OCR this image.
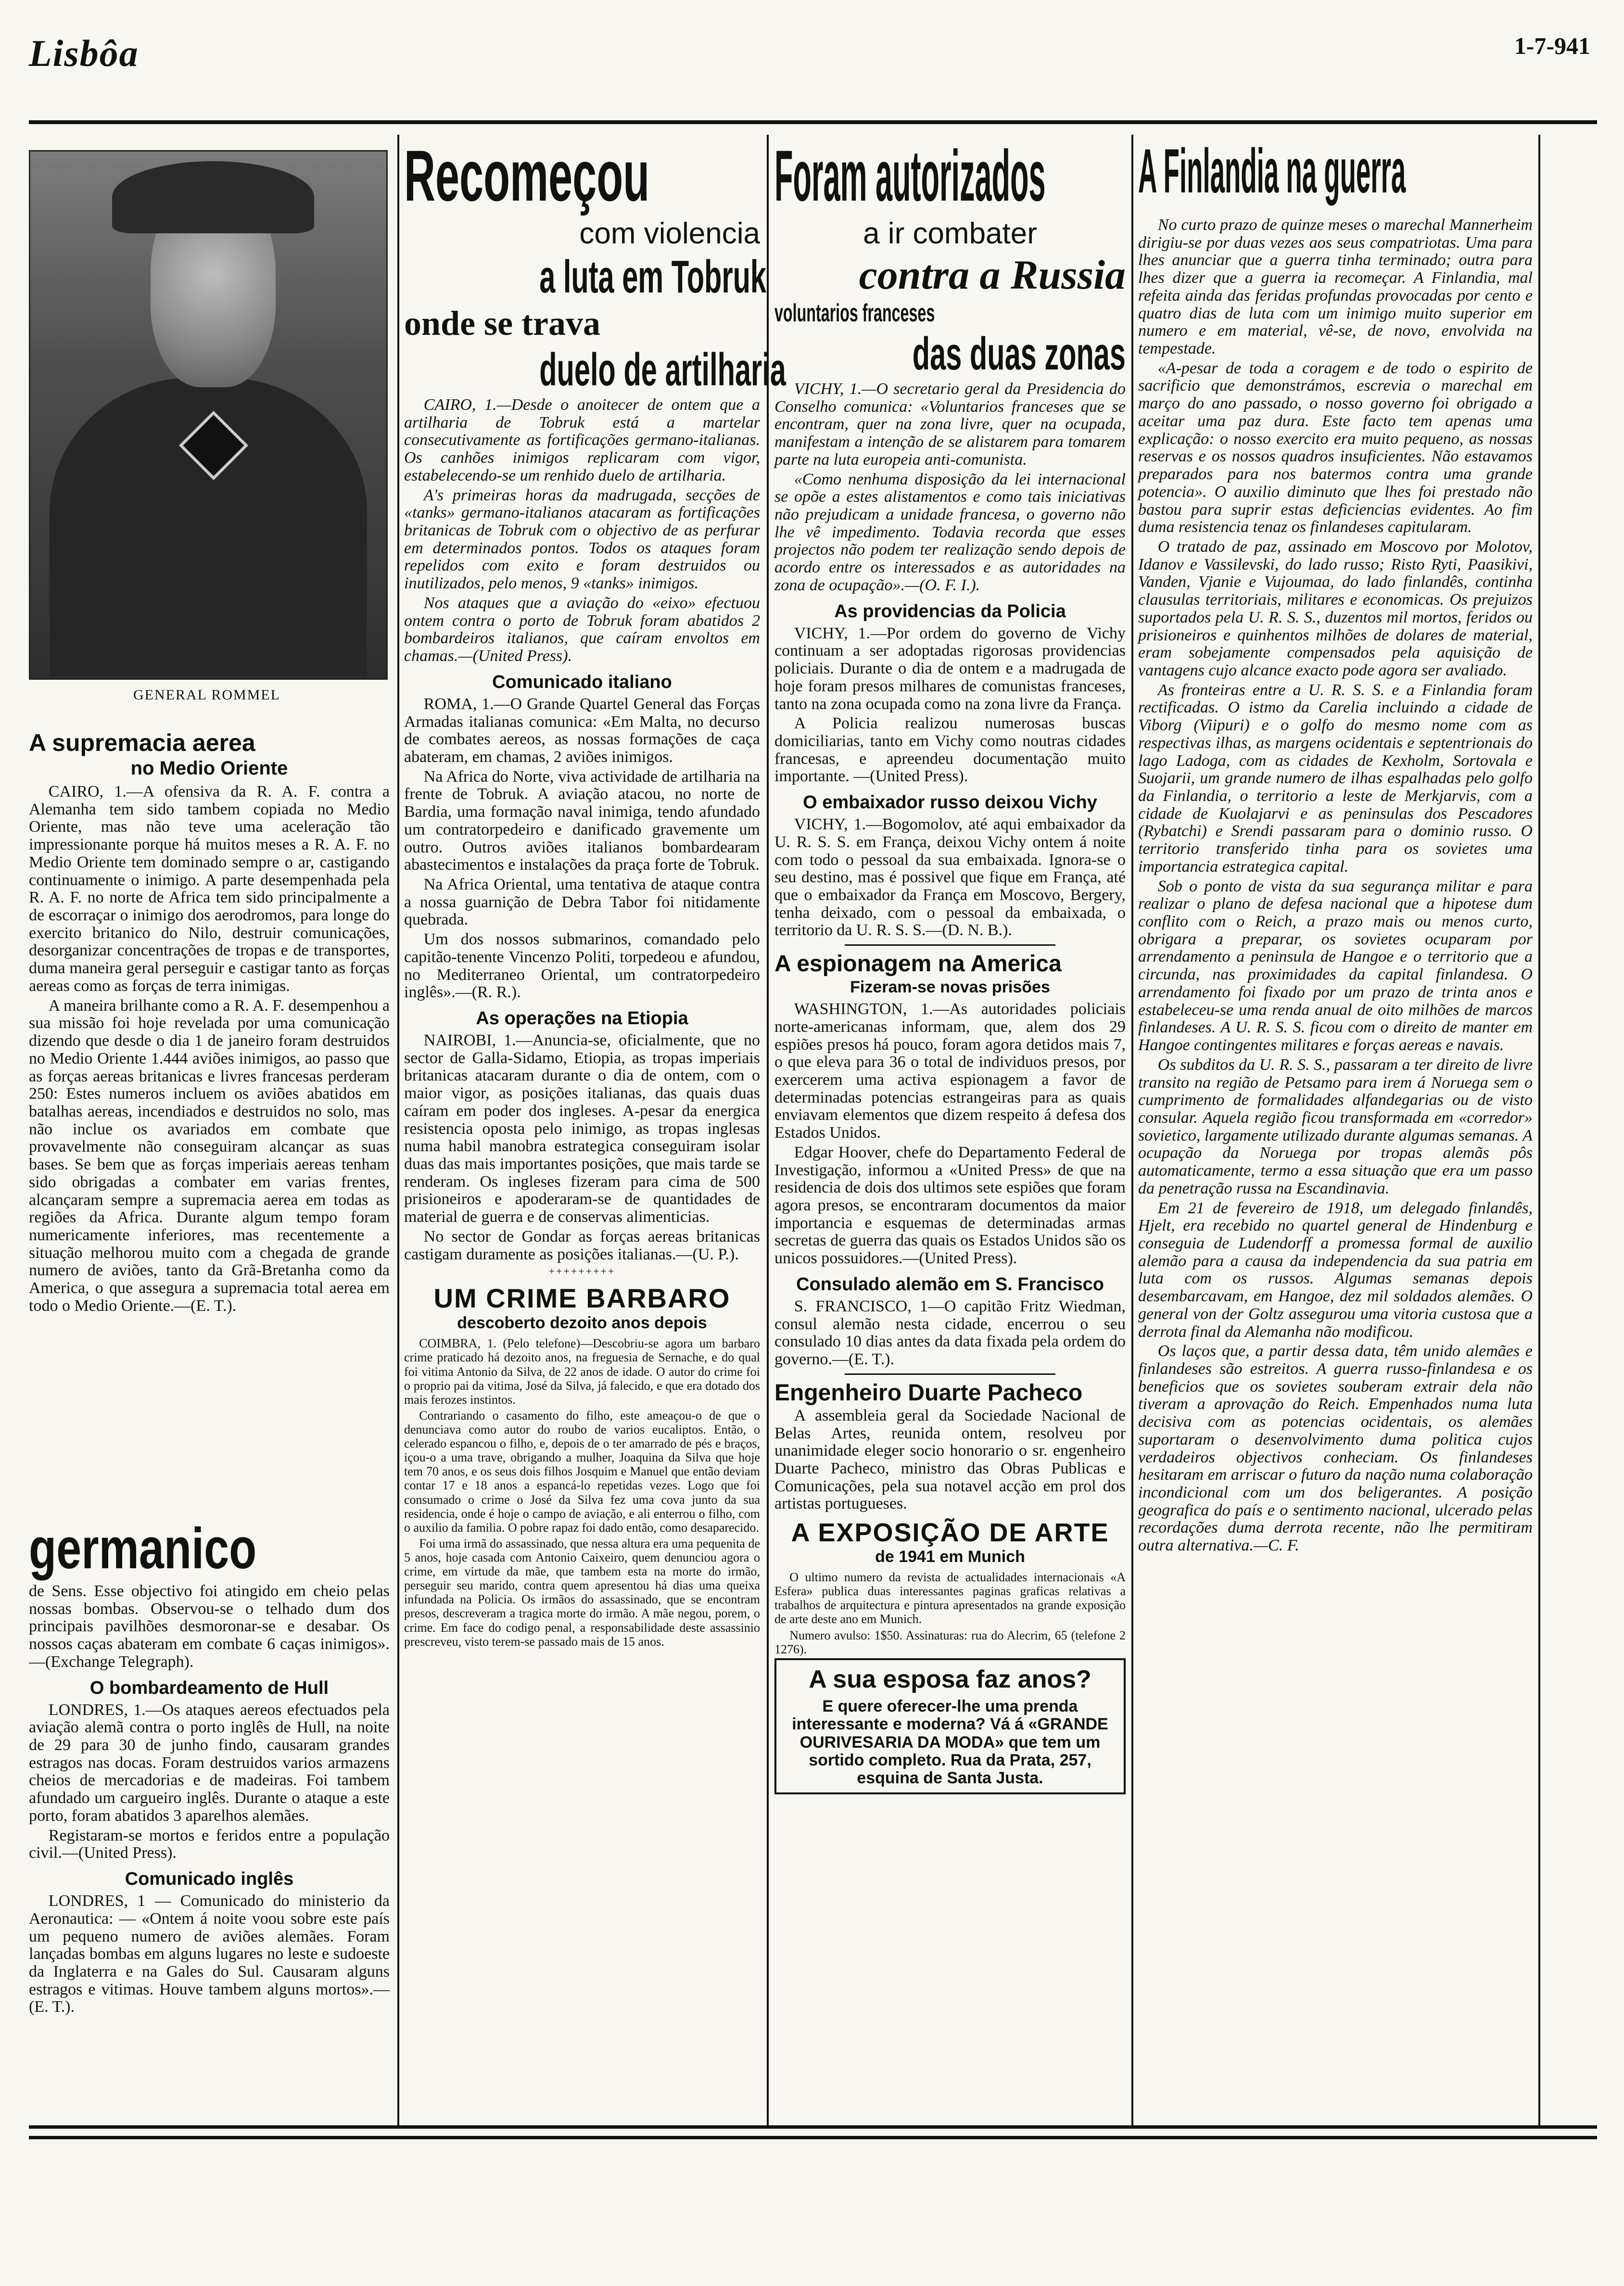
Lisbôa	1-7-941
GENERAL ROMMEL
A supremacia aerea
no Medio Oriente

CAIRO, 1.—A ofensiva da R. A. F. contra a Alemanha tem sido tambem copiada no Medio Oriente, mas não teve uma aceleração tão impressionante porque há muitos meses a R. A. F. no Medio Oriente tem dominado sempre o ar, castigando continuamente o inimigo. A parte desempenhada pela R. A. F. no norte de Africa tem sido principalmente a de escorraçar o inimigo dos aerodromos, para longe do exercito britanico do Nilo, destruir comunicações, desorganizar concentrações de tropas e de transportes, duma maneira geral perseguir e castigar tanto as forças aereas como as forças de terra inimigas.

A maneira brilhante como a R. A. F. desempenhou a sua missão foi hoje revelada por uma comunicação dizendo que desde o dia 1 de janeiro foram destruidos no Medio Oriente 1.444 aviões inimigos, ao passo que as forças aereas britanicas e livres francesas perderam 250: Estes numeros incluem os aviões abatidos em batalhas aereas, incendiados e destruidos no solo, mas não inclue os avariados em combate que provavelmente não conseguiram alcançar as suas bases. Se bem que as forças imperiais aereas tenham sido obrigadas a combater em varias frentes, alcançaram sempre a supremacia aerea em todas as regiões da Africa. Durante algum tempo foram numericamente inferiores, mas recentemente a situação melhorou muito com a chegada de grande numero de aviões, tanto da Grã-Bretanha como da America, o que assegura a supremacia total aerea em todo o Medio Oriente.—(E. T.).

germanico

de Sens. Esse objectivo foi atingido em cheio pelas nossas bombas. Observou-se o telhado dum dos principais pavilhões desmoronar-se e desabar. Os nossos caças abateram em combate 6 caças inimigos».—(Exchange Telegraph).

O bombardeamento de Hull

LONDRES, 1.—Os ataques aereos efectuados pela aviação alemã contra o porto inglês de Hull, na noite de 29 para 30 de junho findo, causaram grandes estragos nas docas. Foram destruidos varios armazens cheios de mercadorias e de madeiras. Foi tambem afundado um cargueiro inglês. Durante o ataque a este porto, foram abatidos 3 aparelhos alemães.

Registaram-se mortos e feridos entre a população civil.—(United Press).

Comunicado inglês

LONDRES, 1 — Comunicado do ministerio da Aeronautica: — «Ontem á noite voou sobre este país um pequeno numero de aviões alemães. Foram lançadas bombas em alguns lugares no leste e sudoeste da Inglaterra e na Gales do Sul. Causaram alguns estragos e vitimas. Houve tambem alguns mortos».—(E. T.).

Recomeçou
com violencia
a luta em Tobruk
onde se trava
duelo de artilharia

CAIRO, 1.—Desde o anoitecer de ontem que a artilharia de Tobruk está a martelar consecutivamente as fortificações germano-italianas. Os canhões inimigos replicaram com vigor, estabelecendo-se um renhido duelo de artilharia.

A's primeiras horas da madrugada, secções de «tanks» germano-italianos atacaram as fortificações britanicas de Tobruk com o objectivo de as perfurar em determinados pontos. Todos os ataques foram repelidos com exito e foram destruidos ou inutilizados, pelo menos, 9 «tanks» inimigos.

Nos ataques que a aviação do «eixo» efectuou ontem contra o porto de Tobruk foram abatidos 2 bombardeiros italianos, que caíram envoltos em chamas.—(United Press).

Comunicado italiano

ROMA, 1.—O Grande Quartel General das Forças Armadas italianas comunica: «Em Malta, no decurso de combates aereos, as nossas formações de caça abateram, em chamas, 2 aviões inimigos.

Na Africa do Norte, viva actividade de artilharia na frente de Tobruk. A aviação atacou, no norte de Bardia, uma formação naval inimiga, tendo afundado um contratorpedeiro e danificado gravemente um outro. Outros aviões italianos bombardearam abastecimentos e instalações da praça forte de Tobruk.

Na Africa Oriental, uma tentativa de ataque contra a nossa guarnição de Debra Tabor foi nitidamente quebrada.

Um dos nossos submarinos, comandado pelo capitão-tenente Vincenzo Politi, torpedeou e afundou, no Mediterraneo Oriental, um contratorpedeiro inglês».—(R. R.).

As operações na Etiopia

NAIROBI, 1.—Anuncia-se, oficialmente, que no sector de Galla-Sidamo, Etiopia, as tropas imperiais britanicas atacaram durante o dia de ontem, com o maior vigor, as posições italianas, das quais duas caíram em poder dos ingleses. A-pesar da energica resistencia oposta pelo inimigo, as tropas inglesas numa habil manobra estrategica conseguiram isolar duas das mais importantes posições, que mais tarde se renderam. Os ingleses fizeram para cima de 500 prisioneiros e apoderaram-se de quantidades de material de guerra e de conservas alimenticias.

No sector de Gondar as forças aereas britanicas castigam duramente as posições italianas.—(U. P.).

+++++++++
UM CRIME BARBARO
descoberto dezoito anos depois

COIMBRA, 1. (Pelo telefone)—Descobriu-se agora um barbaro crime praticado há dezoito anos, na freguesia de Sernache, e do qual foi vitima Antonio da Silva, de 22 anos de idade. O autor do crime foi o proprio pai da vitima, José da Silva, já falecido, e que era dotado dos mais ferozes instintos.

Contrariando o casamento do filho, este ameaçou-o de que o denunciava como autor do roubo de varios eucaliptos. Então, o celerado espancou o filho, e, depois de o ter amarrado de pés e braços, içou-o a uma trave, obrigando a mulher, Joaquina da Silva que hoje tem 70 anos, e os seus dois filhos Josquim e Manuel que então deviam contar 17 e 18 anos a espancá-lo repetidas vezes. Logo que foi consumado o crime o José da Silva fez uma cova junto da sua residencia, onde é hoje o campo de aviação, e ali enterrou o filho, com o auxilio da familia. O pobre rapaz foi dado então, como desaparecido.

Foi uma irmã do assassinado, que nessa altura era uma pequenita de 5 anos, hoje casada com Antonio Caixeiro, quem denunciou agora o crime, em virtude da mãe, que tambem esta na morte do irmão, perseguir seu marido, contra quem apresentou há dias uma queixa infundada na Policia. Os irmãos do assassinado, que se encontram presos, descreveram a tragica morte do irmão. A mãe negou, porem, o crime. Em face do codigo penal, a responsabilidade deste assassinio prescreveu, visto terem-se passado mais de 15 anos.

Foram autorizados
a ir combater
contra a Russia
voluntarios franceses
das duas zonas

VICHY, 1.—O secretario geral da Presidencia do Conselho comunica: «Voluntarios franceses que se encontram, quer na zona livre, quer na ocupada, manifestam a intenção de se alistarem para tomarem parte na luta europeia anti-comunista.

«Como nenhuma disposição da lei internacional se opõe a estes alistamentos e como tais iniciativas não prejudicam a unidade francesa, o governo não lhe vê impedimento. Todavia recorda que esses projectos não podem ter realização sendo depois de acordo entre os interessados e as autoridades na zona de ocupação».—(O. F. I.).

As providencias da Policia

VICHY, 1.—Por ordem do governo de Vichy continuam a ser adoptadas rigorosas providencias policiais. Durante o dia de ontem e a madrugada de hoje foram presos milhares de comunistas franceses, tanto na zona ocupada como na zona livre da França.

A Policia realizou numerosas buscas domiciliarias, tanto em Vichy como noutras cidades francesas, e apreendeu documentação muito importante. —(United Press).

O embaixador russo deixou Vichy

VICHY, 1.—Bogomolov, até aqui embaixador da U. R. S. S. em França, deixou Vichy ontem á noite com todo o pessoal da sua embaixada. Ignora-se o seu destino, mas é possivel que fique em França, até que o embaixador da França em Moscovo, Bergery, tenha deixado, com o pessoal da embaixada, o territorio da U. R. S. S.—(D. N. B.).

A espionagem na America
Fizeram-se novas prisões

WASHINGTON, 1.—As autoridades policiais norte-americanas informam, que, alem dos 29 espiões presos há pouco, foram agora detidos mais 7, o que eleva para 36 o total de individuos presos, por exercerem uma activa espionagem a favor de determinadas potencias estrangeiras para as quais enviavam elementos que dizem respeito á defesa dos Estados Unidos.

Edgar Hoover, chefe do Departamento Federal de Investigação, informou a «United Press» de que na residencia de dois dos ultimos sete espiões que foram agora presos, se encontraram documentos da maior importancia e esquemas de determinadas armas secretas de guerra das quais os Estados Unidos são os unicos possuidores.—(United Press).

Consulado alemão em S. Francisco

S. FRANCISCO, 1—O capitão Fritz Wiedman, consul alemão nesta cidade, encerrou o seu consulado 10 dias antes da data fixada pela ordem do governo.—(E. T.).

Engenheiro Duarte Pacheco

A assembleia geral da Sociedade Nacional de Belas Artes, reunida ontem, resolveu por unanimidade eleger socio honorario o sr. engenheiro Duarte Pacheco, ministro das Obras Publicas e Comunicações, pela sua notavel acção em prol dos artistas portugueses.

A EXPOSIÇÃO DE ARTE
de 1941 em Munich

O ultimo numero da revista de actualidades internacionais «A Esfera» publica duas interessantes paginas graficas relativas a trabalhos de arquitectura e pintura apresentados na grande exposição de arte deste ano em Munich.

Numero avulso: 1$50. Assinaturas: rua do Alecrim, 65 (telefone 2 1276).

A sua esposa faz anos?
E quere oferecer-lhe uma prenda interessante e moderna? Vá á «GRANDE OURIVESARIA DA MODA» que tem um sortido completo. Rua da Prata, 257, esquina de Santa Justa.
A Finlandia na guerra

No curto prazo de quinze meses o marechal Mannerheim dirigiu-se por duas vezes aos seus compatriotas. Uma para lhes anunciar que a guerra tinha terminado; outra para lhes dizer que a guerra ia recomeçar. A Finlandia, mal refeita ainda das feridas profundas provocadas por cento e quatro dias de luta com um inimigo muito superior em numero e em material, vê-se, de novo, envolvida na tempestade.

«A-pesar de toda a coragem e de todo o espirito de sacrificio que demonstrámos, escrevia o marechal em março do ano passado, o nosso governo foi obrigado a aceitar uma paz dura. Este facto tem apenas uma explicação: o nosso exercito era muito pequeno, as nossas reservas e os nossos quadros insuficientes. Não estavamos preparados para nos batermos contra uma grande potencia». O auxilio diminuto que lhes foi prestado não bastou para suprir estas deficiencias evidentes. Ao fim duma resistencia tenaz os finlandeses capitularam.

O tratado de paz, assinado em Moscovo por Molotov, Idanov e Vassilevski, do lado russo; Risto Ryti, Paasikivi, Vanden, Vjanie e Vujoumaa, do lado finlandês, continha clausulas territoriais, militares e economicas. Os prejuizos suportados pela U. R. S. S., duzentos mil mortos, feridos ou prisioneiros e quinhentos milhões de dolares de material, eram sobejamente compensados pela aquisição de vantagens cujo alcance exacto pode agora ser avaliado.

As fronteiras entre a U. R. S. S. e a Finlandia foram rectificadas. O istmo da Carelia incluindo a cidade de Viborg (Viipuri) e o golfo do mesmo nome com as respectivas ilhas, as margens ocidentais e septentrionais do lago Ladoga, com as cidades de Kexholm, Sortovala e Suojarii, um grande numero de ilhas espalhadas pelo golfo da Finlandia, o territorio a leste de Merkjarvis, com a cidade de Kuolajarvi e as peninsulas dos Pescadores (Rybatchi) e Srendi passaram para o dominio russo. O territorio transferido tinha para os sovietes uma importancia estrategica capital.

Sob o ponto de vista da sua segurança militar e para realizar o plano de defesa nacional que a hipotese dum conflito com o Reich, a prazo mais ou menos curto, obrigara a preparar, os sovietes ocuparam por arrendamento a peninsula de Hangoe e o territorio que a circunda, nas proximidades da capital finlandesa. O arrendamento foi fixado por um prazo de trinta anos e estabeleceu-se uma renda anual de oito milhões de marcos finlandeses. A U. R. S. S. ficou com o direito de manter em Hangoe contingentes militares e forças aereas e navais.

Os subditos da U. R. S. S., passaram a ter direito de livre transito na região de Petsamo para irem á Noruega sem o cumprimento de formalidades alfandegarias ou de visto consular. Aquela região ficou transformada em «corredor» sovietico, largamente utilizado durante algumas semanas. A ocupação da Noruega por tropas alemãs pôs automaticamente, termo a essa situação que era um passo da penetração russa na Escandinavia.

Em 21 de fevereiro de 1918, um delegado finlandês, Hjelt, era recebido no quartel general de Hindenburg e conseguia de Ludendorff a promessa formal de auxilio alemão para a causa da independencia da sua patria em luta com os russos. Algumas semanas depois desembarcavam, em Hangoe, dez mil soldados alemães. O general von der Goltz assegurou uma vitoria custosa que a derrota final da Alemanha não modificou.

Os laços que, a partir dessa data, têm unido alemães e finlandeses são estreitos. A guerra russo-finlandesa e os beneficios que os sovietes souberam extrair dela não tiveram a aprovação do Reich. Empenhados numa luta decisiva com as potencias ocidentais, os alemães suportaram o desenvolvimento duma politica cujos verdadeiros objectivos conheciam. Os finlandeses hesitaram em arriscar o futuro da nação numa colaboração incondicional com um dos beligerantes. A posição geografica do país e o sentimento nacional, ulcerado pelas recordações duma derrota recente, não lhe permitiram outra alternativa.—C. F.
